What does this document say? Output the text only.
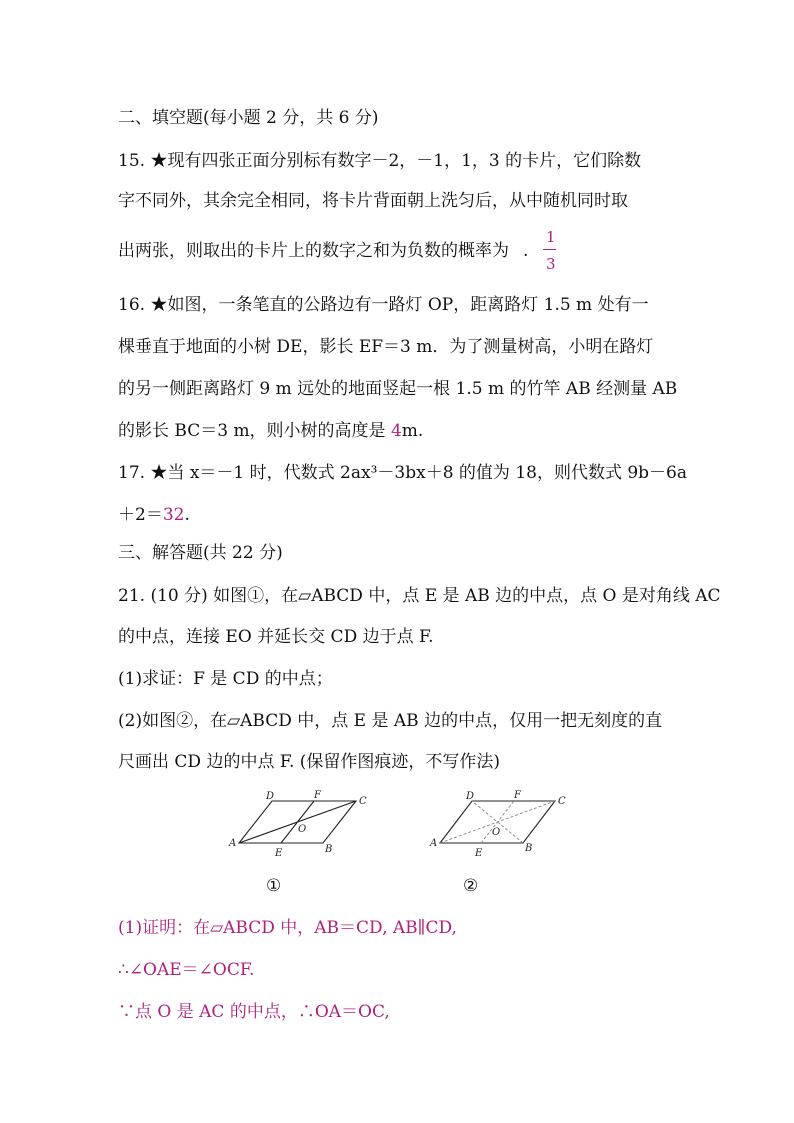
二、填空题(每小题 2 分，共 6 分)
15. ★现有四张正面分别标有数字－2，－1，1，3 的卡片，它们除数
字不同外，其余完全相同，将卡片背面朝上洗匀后，从中随机同时取
出两张，则取出的卡片上的数字之和为负数的概率为 .
1
3
16. ★如图，一条笔直的公路边有一路灯 OP，距离路灯 1.5 m 处有一
棵垂直于地面的小树 DE，影长 EF＝3 m．为了测量树高，小明在路灯
的另一侧距离路灯 9 m 远处的地面竖起一根 1.5 m 的竹竿 AB 经测量 AB
的影长 BC＝3 m，则小树的高度是 4m.
17. ★当 x＝－1 时，代数式 2ax³－3bx＋8 的值为 18，则代数式 9b－6a
＋2＝32.
三、解答题(共 22 分)
21. (10 分) 如图①，在▱ABCD 中，点 E 是 AB 边的中点，点 O 是对角线 AC
的中点，连接 EO 并延长交 CD 边于点 F.
(1)求证：F 是 CD 的中点；
(2)如图②，在▱ABCD 中，点 E 是 AB 边的中点，仅用一把无刻度的直
尺画出 CD 边的中点 F. (保留作图痕迹，不写作法)
A
B
C
D
E
F
O
A	B
C
D
E
F
O
①	②
(1)证明：在▱ABCD 中，AB＝CD, AB∥CD,
∴∠OAE＝∠OCF.
∵点 O 是 AC 的中点，∴OA＝OC,
